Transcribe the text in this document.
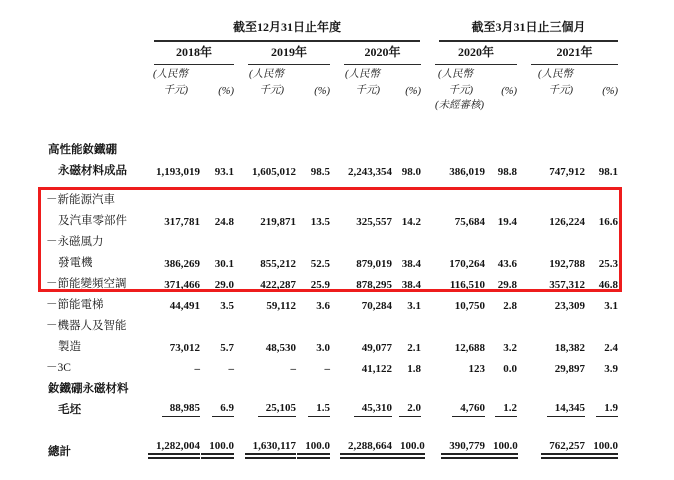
	截至12月31日止年度						截至3月31日止三個月			

	2018年		2019年		2020年		2020年		2021年	

	(人民幣		(人民幣		(人民幣		(人民幣		(人民幣	
	千元)	(%)	千元)	(%)	千元)	(%)	千元)	(%)	千元)	(%)
							(未經審核)			

高性能釹鐵硼										
永磁材料成品	1,193,019	93.1	1,605,012	98.5	2,243,354	98.0	386,019	98.8	747,912	98.1

－新能源汽車										
及汽車零部件	317,781	24.8	219,871	13.5	325,557	14.2	75,684	19.4	126,224	16.6
－永磁風力										
發電機	386,269	30.1	855,212	52.5	879,019	38.4	170,264	43.6	192,788	25.3
－節能變頻空調	371,466	29.0	422,287	25.9	878,295	38.4	116,510	29.8	357,312	46.8
－節能電梯	44,491	3.5	59,112	3.6	70,284	3.1	10,750	2.8	23,309	3.1
－機器人及智能										
製造	73,012	5.7	48,530	3.0	49,077	2.1	12,688	3.2	18,382	2.4
－3C	–	–	–	–	41,122	1.8	123	0.0	29,897	3.9
釹鐵硼永磁材料										
毛坯	88,985	6.9	25,105	1.5	45,310	2.0	4,760	1.2	14,345	1.9

總計	1,282,004	100.0	1,630,117	100.0	2,288,664	100.0	390,779	100.0	762,257	100.0
